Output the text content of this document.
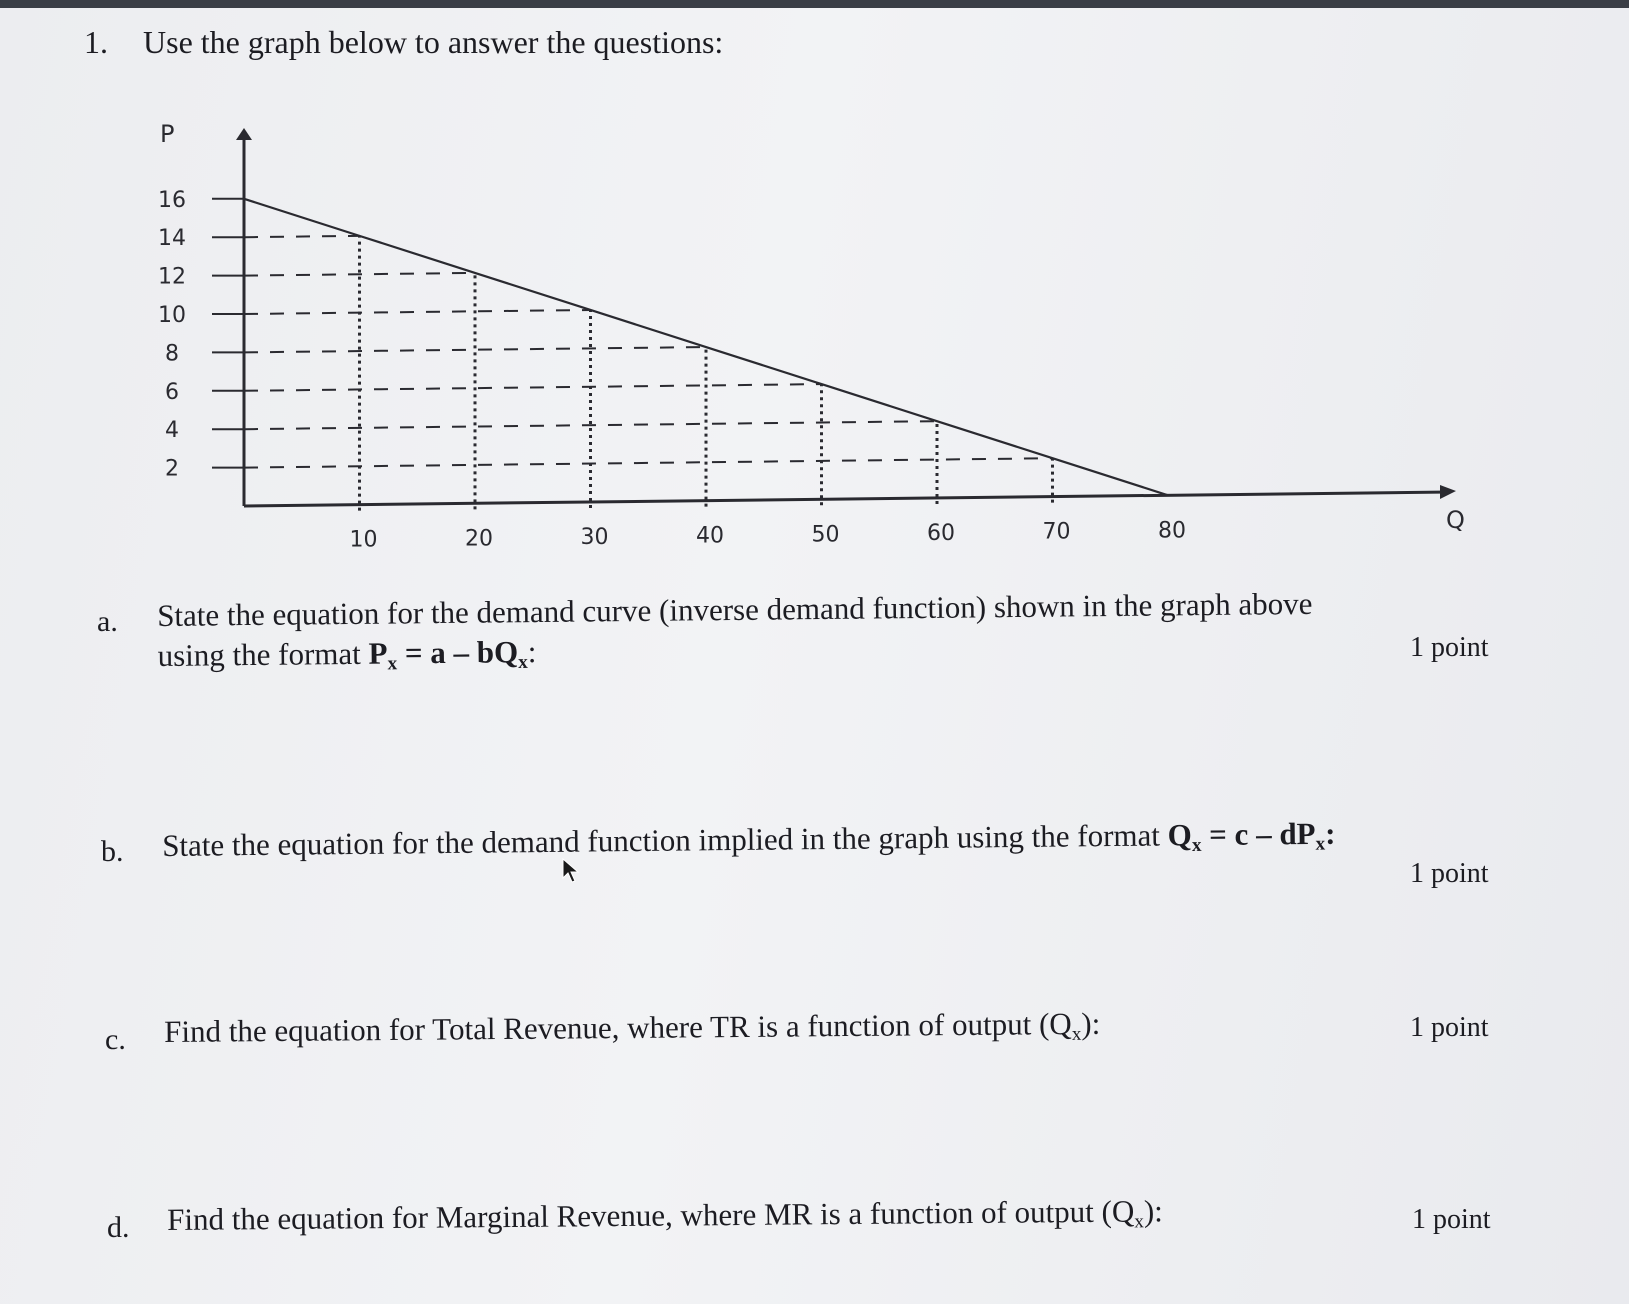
1. Use the graph below to answer the questions:
P
Q
2
4
6
8
10
12
14
16
10	20	30	40	50	60	70	80
a. State the equation for the demand curve (inverse demand function) shown in the graph above
using the format $P_x = a - bQ_x$:	1 point
b. State the equation for the demand function implied in the graph using the format $Q_x = c - dP_x$:
1 point
c. Find the equation for Total Revenue, where TR is a function of output $(Q_x)$:	1 point
d. Find the equation for Marginal Revenue, where MR is a function of output $(Q_x)$:	1 point
